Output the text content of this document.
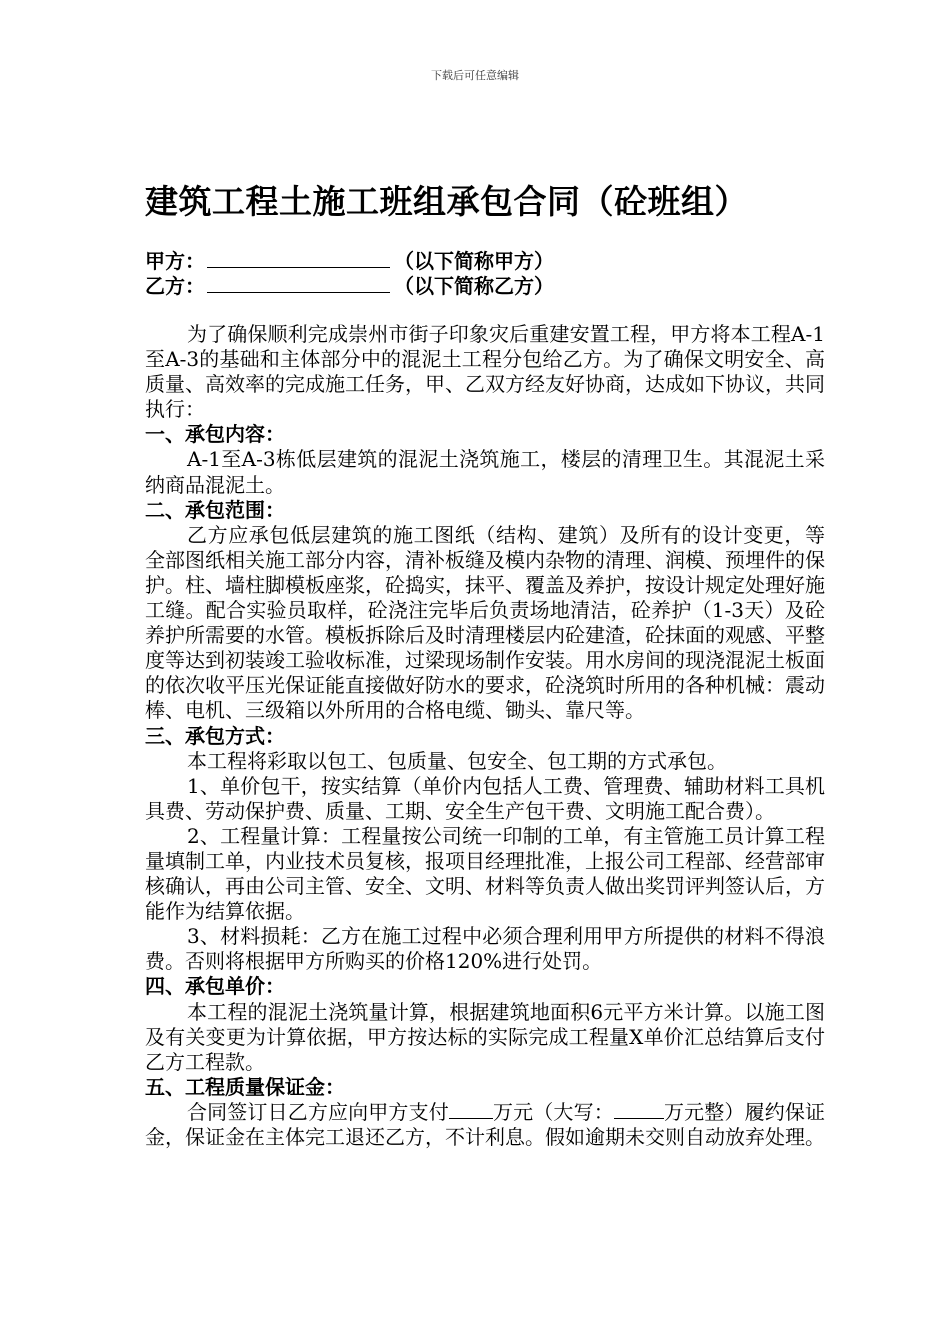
下载后可任意编辑
建筑工程土施工班组承包合同（砼班组）
甲方：	（以下简称甲方）
乙方：	（以下简称乙方）

为了确保顺利完成崇州市街子印象灾后重建安置工程，甲方将本工程A-1至A-3的基础和主体部分中的混泥土工程分包给乙方。为了确保文明安全、高质量、高效率的完成施工任务，甲、乙双方经友好协商，达成如下协议，共同执行：

一、承包内容：

A-1至A-3栋低层建筑的混泥土浇筑施工，楼层的清理卫生。其混泥土采纳商品混泥土。

二、承包范围：

乙方应承包低层建筑的施工图纸（结构、建筑）及所有的设计变更，等全部图纸相关施工部分内容，清补板缝及模内杂物的清理、润模、预埋件的保护。柱、墙柱脚模板座浆，砼捣实，抹平、覆盖及养护，按设计规定处理好施工缝。配合实验员取样，砼浇注完毕后负责场地清洁，砼养护（1-3天）及砼养护所需要的水管。模板拆除后及时清理楼层内砼建渣，砼抹面的观感、平整度等达到初装竣工验收标准，过梁现场制作安装。用水房间的现浇混泥土板面的依次收平压光保证能直接做好防水的要求，砼浇筑时所用的各种机械：震动棒、电机、三级箱以外所用的合格电缆、锄头、靠尺等。

三、承包方式：

本工程将彩取以包工、包质量、包安全、包工期的方式承包。

1、单价包干，按实结算（单价内包括人工费、管理费、辅助材料工具机具费、劳动保护费、质量、工期、安全生产包干费、文明施工配合费）。

2、工程量计算：工程量按公司统一印制的工单，有主管施工员计算工程量填制工单，内业技术员复核，报项目经理批准，上报公司工程部、经营部审核确认，再由公司主管、安全、文明、材料等负责人做出奖罚评判签认后，方能作为结算依据。

3、材料损耗：乙方在施工过程中必须合理利用甲方所提供的材料不得浪费。否则将根据甲方所购买的价格120%进行处罚。

四、承包单价：

本工程的混泥土浇筑量计算，根据建筑地面积6元平方米计算。以施工图及有关变更为计算依据，甲方按达标的实际完成工程量X单价汇总结算后支付乙方工程款。

五、工程质量保证金：

合同签订日乙方应向甲方支付 万元（大写：	万元整）履约保证金，保证金在主体完工退还乙方，不计利息。假如逾期未交则自动放弃处理。
